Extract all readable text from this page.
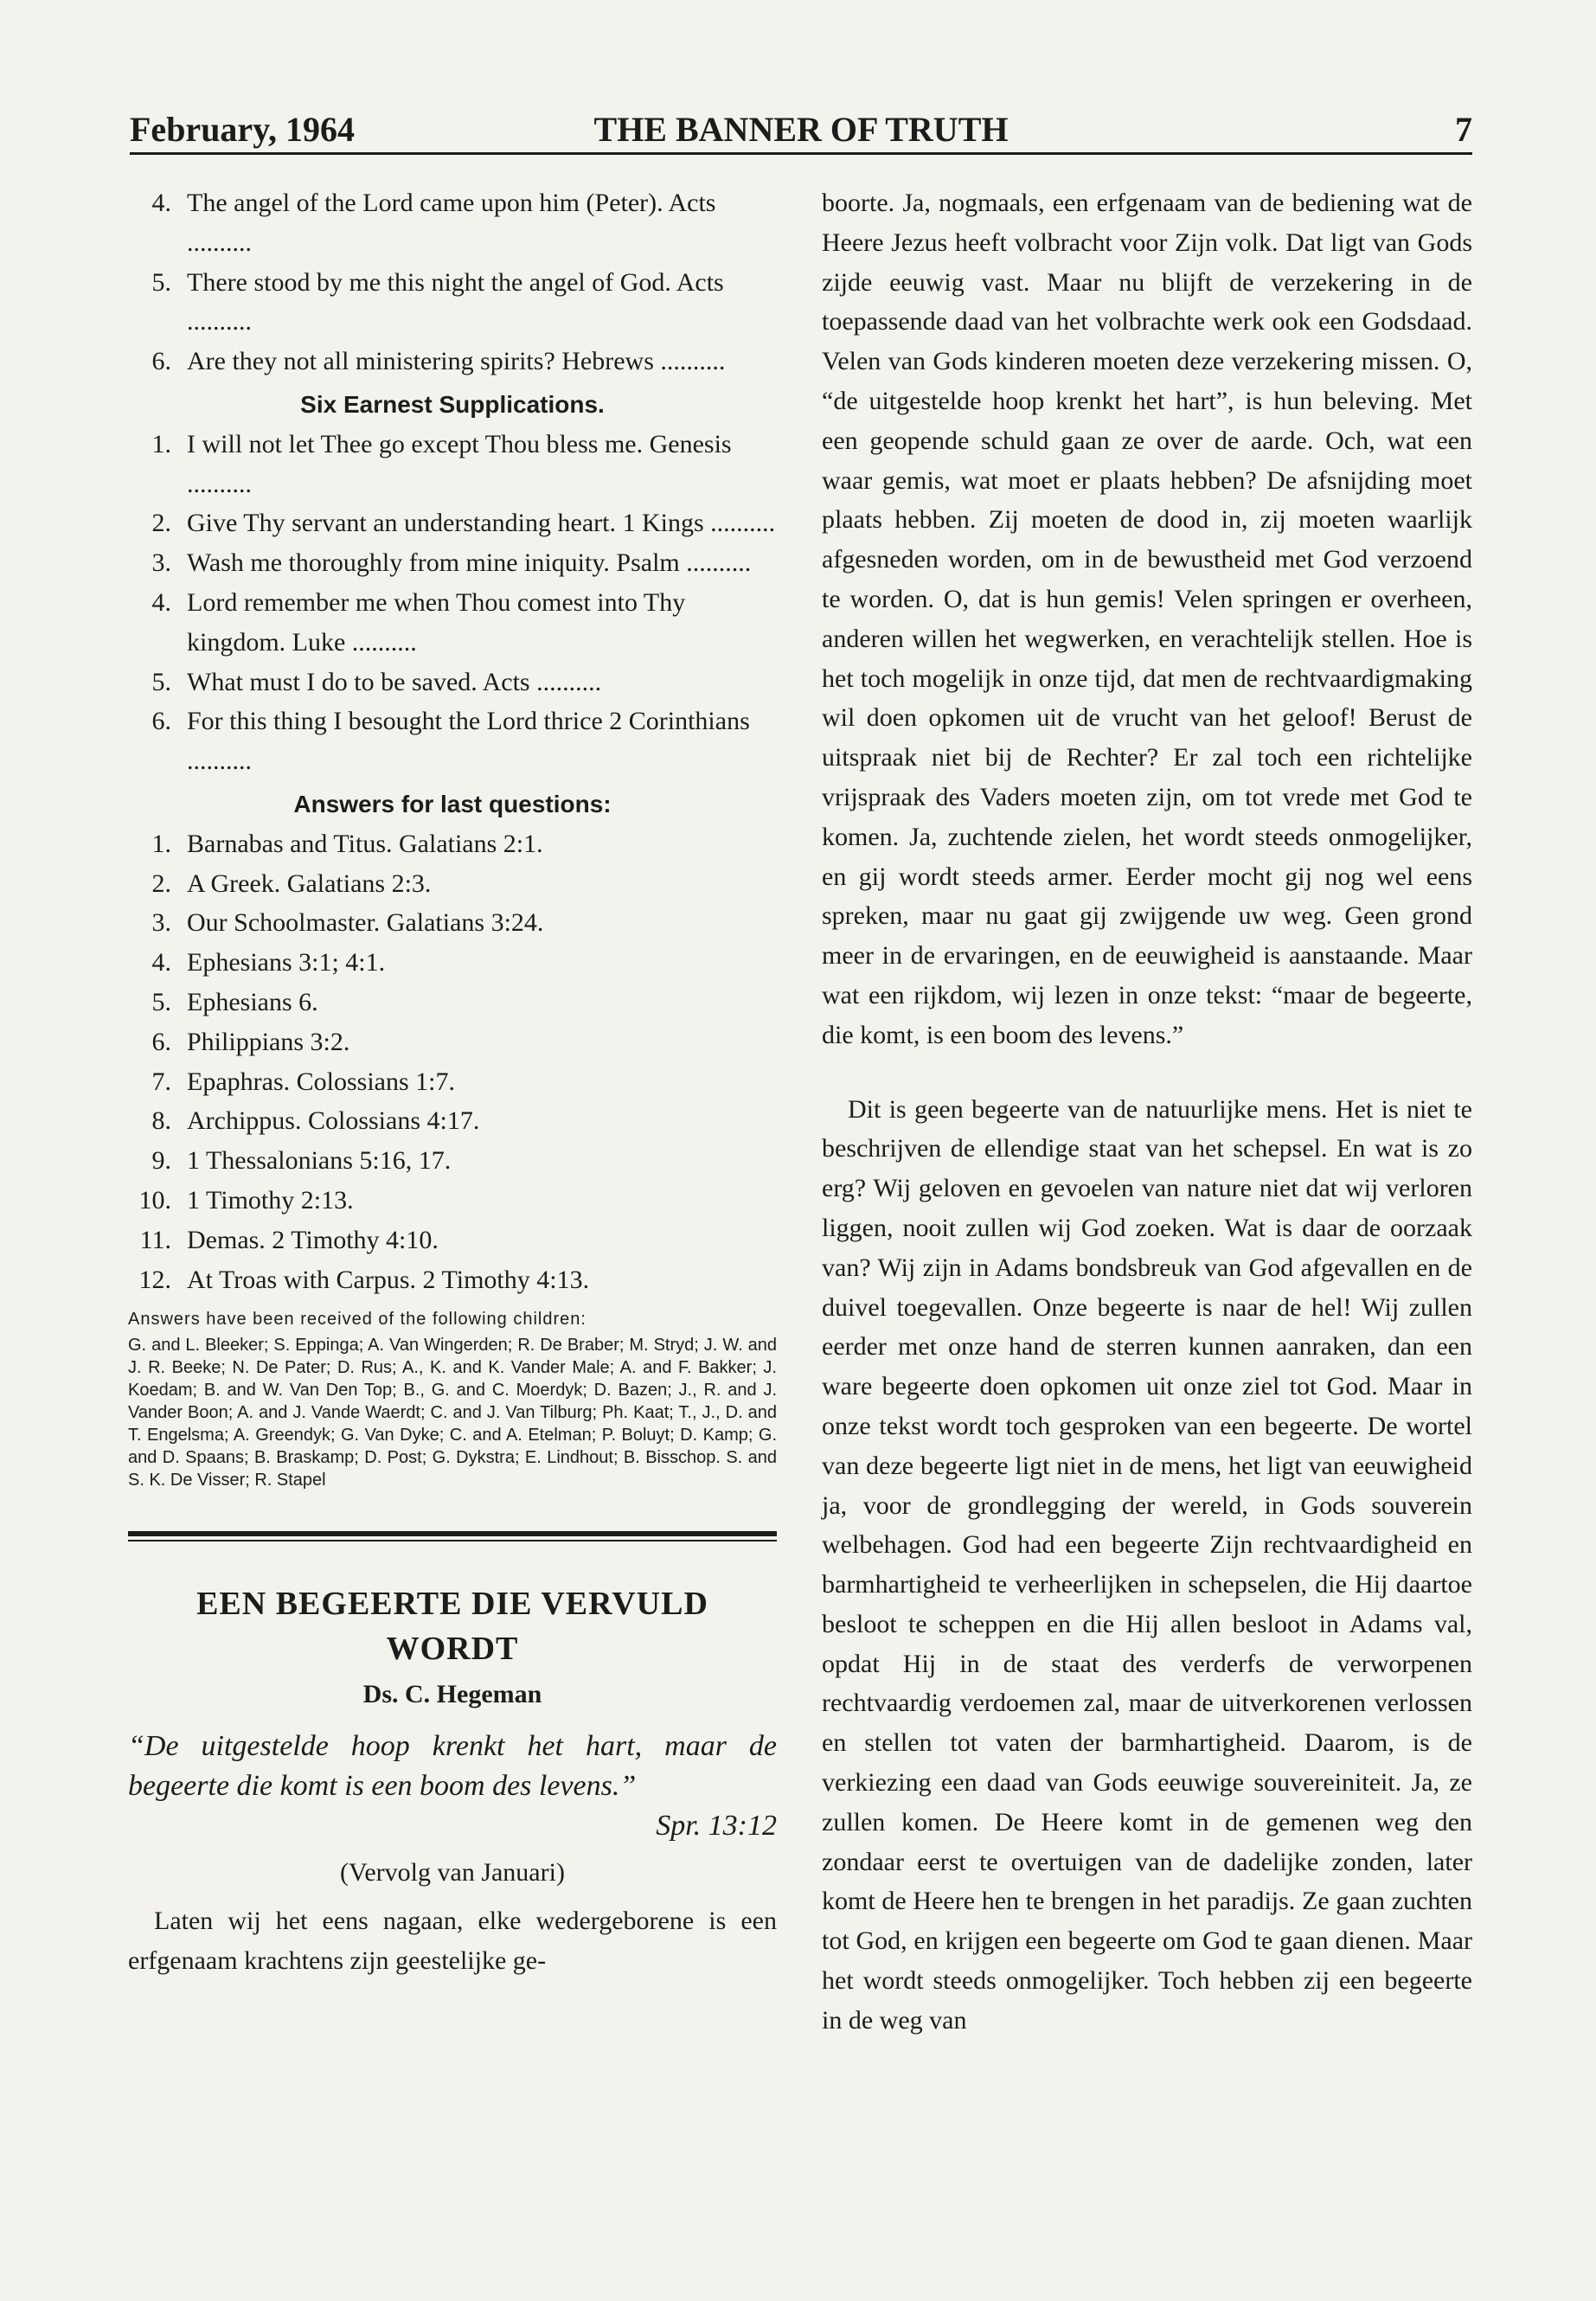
February, 1964	THE BANNER OF TRUTH	7
4. The angel of the Lord came upon him (Peter). Acts ..........
5. There stood by me this night the angel of God. Acts ..........
6. Are they not all ministering spirits? Hebrews ..........
Six Earnest Supplications.
1. I will not let Thee go except Thou bless me. Genesis ..........
2. Give Thy servant an understanding heart. 1 Kings ..........
3. Wash me thoroughly from mine iniquity. Psalm ..........
4. Lord remember me when Thou comest into Thy kingdom. Luke ..........
5. What must I do to be saved. Acts ..........
6. For this thing I besought the Lord thrice 2 Corinthians ..........
Answers for last questions:
1. Barnabas and Titus. Galatians 2:1.
2. A Greek. Galatians 2:3.
3. Our Schoolmaster. Galatians 3:24.
4. Ephesians 3:1; 4:1.
5. Ephesians 6.
6. Philippians 3:2.
7. Epaphras. Colossians 1:7.
8. Archippus. Colossians 4:17.
9. 1 Thessalonians 5:16, 17.
10. 1 Timothy 2:13.
11. Demas. 2 Timothy 4:10.
12. At Troas with Carpus. 2 Timothy 4:13.
Answers have been received of the following children:
G. and L. Bleeker; S. Eppinga; A. Van Wingerden; R. De Braber; M. Stryd; J. W. and J. R. Beeke; N. De Pater; D. Rus; A., K. and K. Vander Male; A. and F. Bakker; J. Koedam; B. and W. Van Den Top; B., G. and C. Moerdyk; D. Bazen; J., R. and J. Vander Boon; A. and J. Vande Waerdt; C. and J. Van Tilburg; Ph. Kaat; T., J., D. and T. Engelsma; A. Greendyk; G. Van Dyke; C. and A. Etelman; P. Boluyt; D. Kamp; G. and D. Spaans; B. Braskamp; D. Post; G. Dykstra; E. Lindhout; B. Bisschop. S. and S. K. De Visser; R. Stapel
EEN BEGEERTE DIE VERVULD WORDT
Ds. C. Hegeman
“De uitgestelde hoop krenkt het hart, maar de begeerte die komt is een boom des levens.”
Spr. 13:12
(Vervolg van Januari)

Laten wij het eens nagaan, elke wedergeborene is een erfgenaam krachtens zijn geestelijke ge-

boorte. Ja, nogmaals, een erfgenaam van de bediening wat de Heere Jezus heeft volbracht voor Zijn volk. Dat ligt van Gods zijde eeuwig vast. Maar nu blijft de verzekering in de toepassende daad van het volbrachte werk ook een Godsdaad. Velen van Gods kinderen moeten deze verzekering missen. O, “de uitgestelde hoop krenkt het hart”, is hun beleving. Met een geopende schuld gaan ze over de aarde. Och, wat een waar gemis, wat moet er plaats hebben? De afsnijding moet plaats hebben. Zij moeten de dood in, zij moeten waarlijk afgesneden worden, om in de bewustheid met God verzoend te worden. O, dat is hun gemis! Velen springen er overheen, anderen willen het wegwerken, en verachtelijk stellen. Hoe is het toch mogelijk in onze tijd, dat men de rechtvaardigmaking wil doen opkomen uit de vrucht van het geloof! Berust de uitspraak niet bij de Rechter? Er zal toch een richtelijke vrijspraak des Vaders moeten zijn, om tot vrede met God te komen. Ja, zuchtende zielen, het wordt steeds onmogelijker, en gij wordt steeds armer. Eerder mocht gij nog wel eens spreken, maar nu gaat gij zwijgende uw weg. Geen grond meer in de ervaringen, en de eeuwigheid is aanstaande. Maar wat een rijkdom, wij lezen in onze tekst: “maar de begeerte, die komt, is een boom des levens.”

Dit is geen begeerte van de natuurlijke mens. Het is niet te beschrijven de ellendige staat van het schepsel. En wat is zo erg? Wij geloven en gevoelen van nature niet dat wij verloren liggen, nooit zullen wij God zoeken. Wat is daar de oorzaak van? Wij zijn in Adams bondsbreuk van God afgevallen en de duivel toegevallen. Onze begeerte is naar de hel! Wij zullen eerder met onze hand de sterren kunnen aanraken, dan een ware begeerte doen opkomen uit onze ziel tot God. Maar in onze tekst wordt toch gesproken van een begeerte. De wortel van deze begeerte ligt niet in de mens, het ligt van eeuwigheid ja, voor de grondlegging der wereld, in Gods souverein welbehagen. God had een begeerte Zijn rechtvaardigheid en barmhartigheid te verheerlijken in schepselen, die Hij daartoe besloot te scheppen en die Hij allen besloot in Adams val, opdat Hij in de staat des verderfs de verworpenen rechtvaardig verdoemen zal, maar de uitverkorenen verlossen en stellen tot vaten der barmhartigheid. Daarom, is de verkiezing een daad van Gods eeuwige souvereiniteit. Ja, ze zullen komen. De Heere komt in de gemenen weg den zondaar eerst te overtuigen van de dadelijke zonden, later komt de Heere hen te brengen in het paradijs. Ze gaan zuchten tot God, en krijgen een begeerte om God te gaan dienen. Maar het wordt steeds onmogelijker. Toch hebben zij een begeerte in de weg van
